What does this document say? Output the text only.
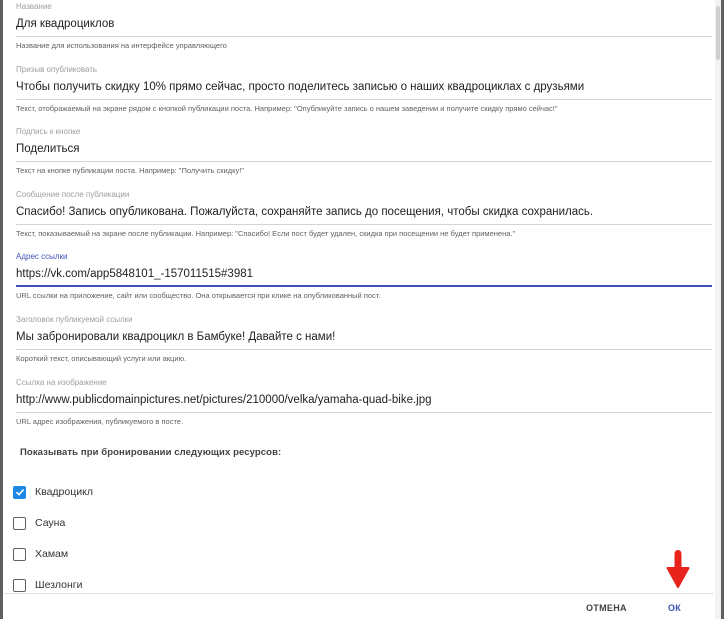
Название
Для квадроциклов
Название для использования на интерфейсе управляющего
Призыв опубликовать
Чтобы получить скидку 10% прямо сейчас, просто поделитесь записью о наших квадроциклах с друзьями
Текст, отображаемый на экране рядом с кнопкой публикации поста. Например: "Опубликуйте запись о нашем заведении и получите скидку прямо сейчас!"
Подпись к кнопке
Поделиться
Текст на кнопке публикации поста. Например: "Получить скидку!"
Сообщение после публикации
Спасибо! Запись опубликована. Пожалуйста, сохраняйте запись до посещения, чтобы скидка сохранилась.
Текст, показываемый на экране после публикации. Например: "Спасибо! Если пост будет удален, скидка при посещении не будет применена."
Адрес ссылки
https://vk.com/app5848101_-157011515#3981
URL ссылки на приложение, сайт или сообщество. Она открывается при клике на опубликованный пост.
Заголовок публикуемой ссылки
Мы забронировали квадроцикл в Бамбуке! Давайте с нами!
Короткий текст, описывающий услуги или акцию.
Ссылка на изображение
http://www.publicdomainpictures.net/pictures/210000/velka/yamaha-quad-bike.jpg
URL адрес изображения, публикуемого в посте.
Показывать при бронировании следующих ресурсов:
Квадроцикл
Сауна
Хамам
Шезлонги
ОТМЕНА	ОК
